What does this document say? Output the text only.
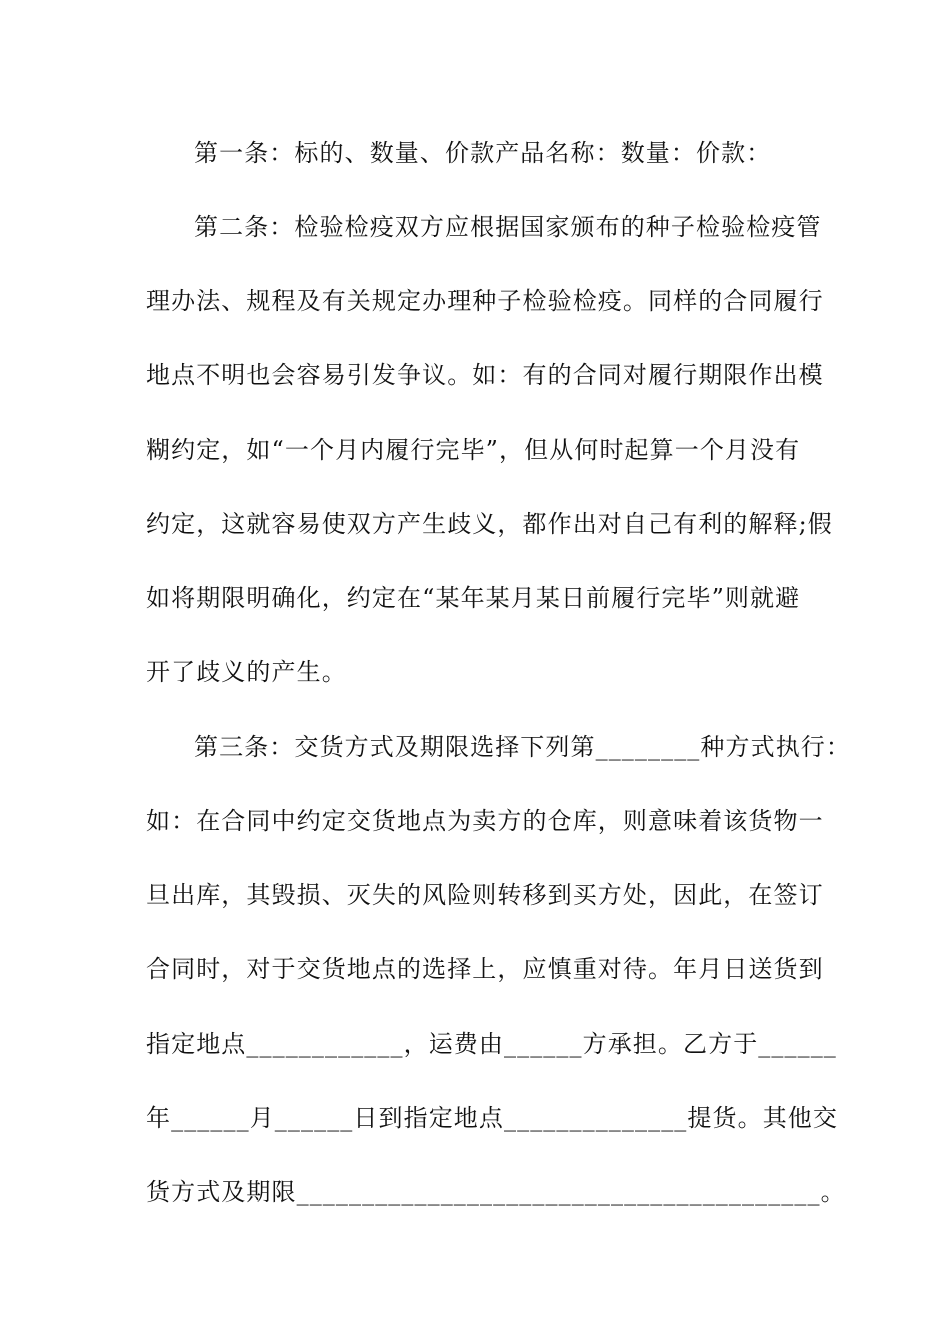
第一条：标的、数量、价款产品名称：数量：价款：
第二条：检验检疫双方应根据国家颁布的种子检验检疫管
理办法、规程及有关规定办理种子检验检疫。同样的合同履行
地点不明也会容易引发争议。如：有的合同对履行期限作出模
糊约定，如“一个月内履行完毕”，但从何时起算一个月没有
约定，这就容易使双方产生歧义，都作出对自己有利的解释;假
如将期限明确化，约定在“某年某月某日前履行完毕”则就避
开了歧义的产生。
第三条：交货方式及期限选择下列第________种方式执行：
如：在合同中约定交货地点为卖方的仓库，则意味着该货物一
旦出库，其毁损、灭失的风险则转移到买方处，因此，在签订
合同时，对于交货地点的选择上，应慎重对待。年月日送货到
指定地点____________，运费由______方承担。乙方于______
年______月______日到指定地点______________提货。其他交
货方式及期限________________________________________。
